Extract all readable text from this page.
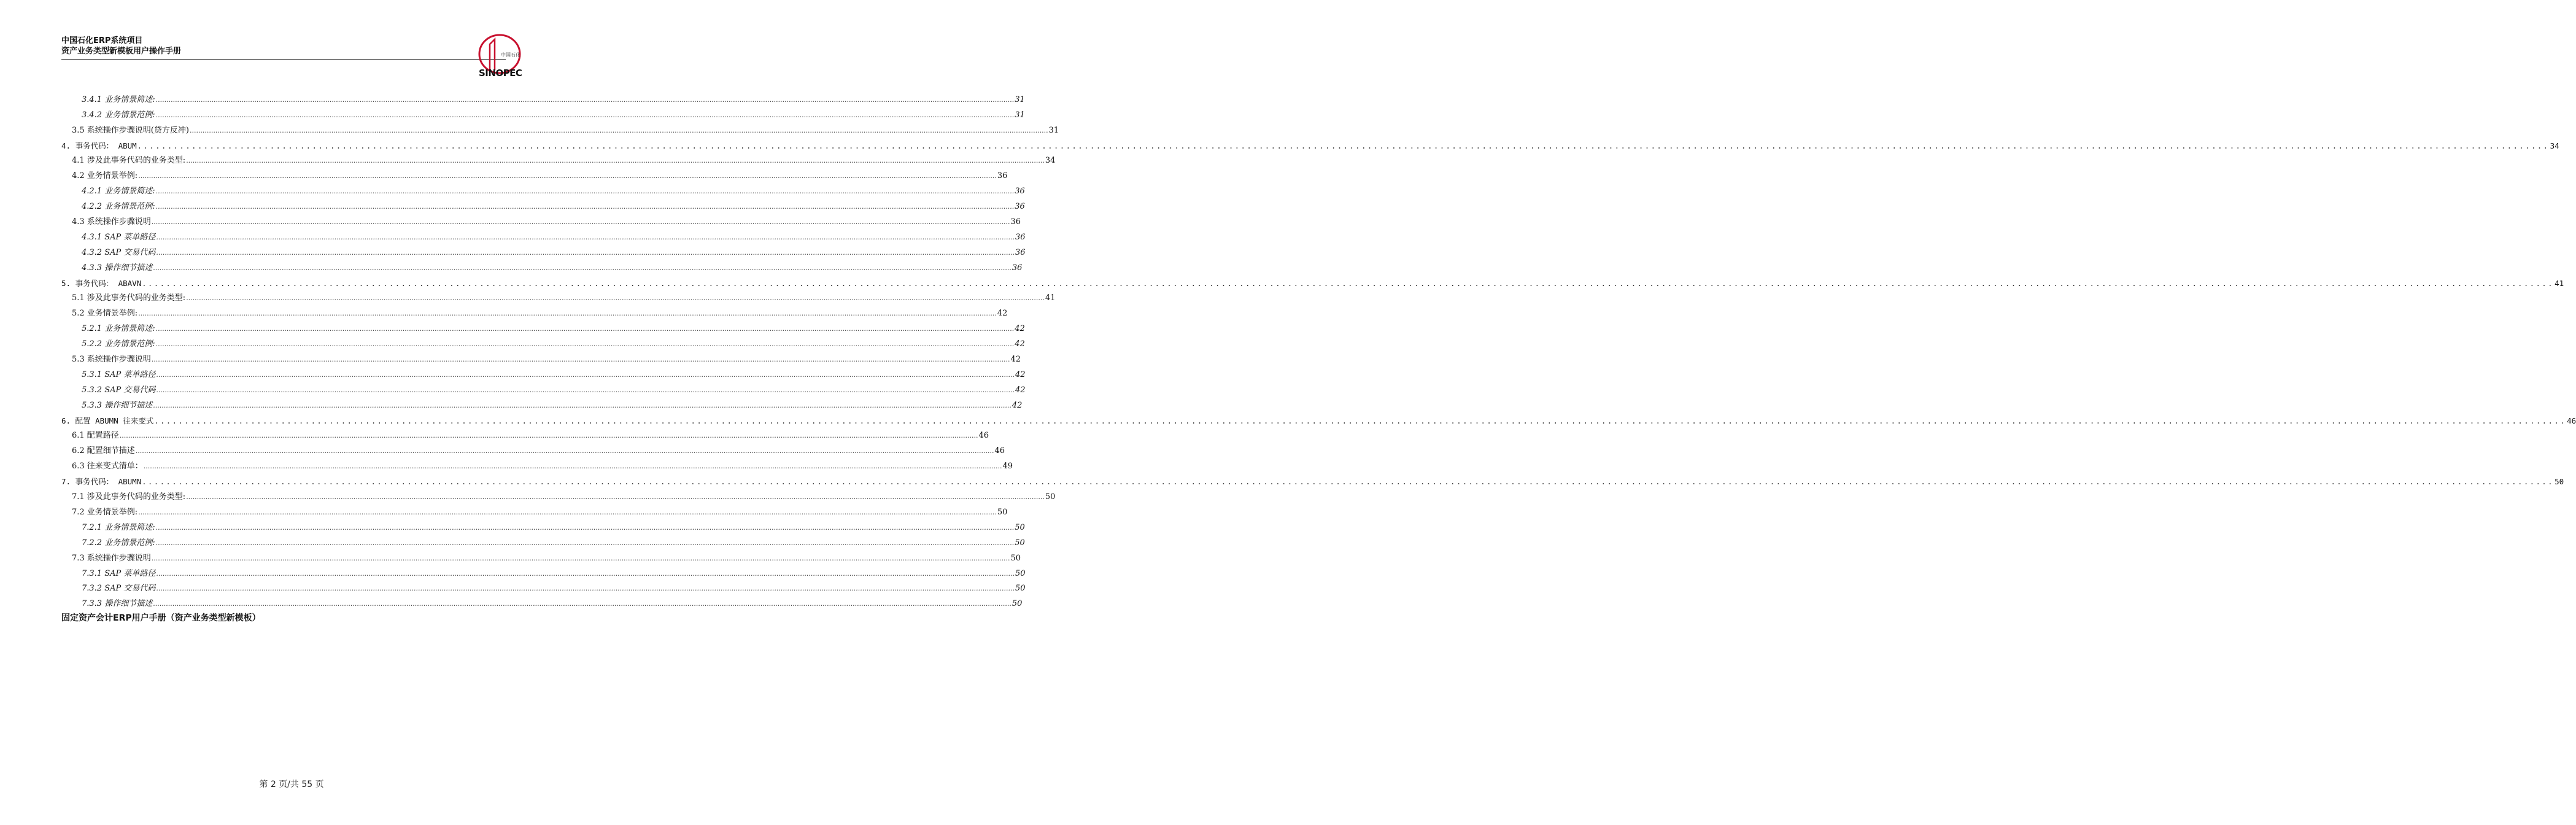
中国石化ERP系统项目
资产业务类型新模板用户操作手册	中国石化
SINOPEC
3.4.1 业务情景简述: ................................................................................................................................................................................................................................................................................................................................................................................................................ 31
3.4.2 业务情景范例: ................................................................................................................................................................................................................................................................................................................................................................................................................ 31
3.5 系统操作步骤说明(贷方反冲) ................................................................................................................................................................................................................................................................................................................................................................................................................ 31
4. 事务代码： ABUM ................................................................................................................................................................................................................................................................................................................................................................................................................ 34
4.1 涉及此事务代码的业务类型: ................................................................................................................................................................................................................................................................................................................................................................................................................ 34
4.2 业务情景举例: ................................................................................................................................................................................................................................................................................................................................................................................................................ 36
4.2.1 业务情景简述: ................................................................................................................................................................................................................................................................................................................................................................................................................ 36
4.2.2 业务情景范例: ................................................................................................................................................................................................................................................................................................................................................................................................................ 36
4.3 系统操作步骤说明 ................................................................................................................................................................................................................................................................................................................................................................................................................ 36
4.3.1 SAP 菜单路径 ................................................................................................................................................................................................................................................................................................................................................................................................................ 36
4.3.2 SAP 交易代码 ................................................................................................................................................................................................................................................................................................................................................................................................................ 36
4.3.3 操作细节描述 ................................................................................................................................................................................................................................................................................................................................................................................................................ 36
5. 事务代码： ABAVN ................................................................................................................................................................................................................................................................................................................................................................................................................ 41
5.1 涉及此事务代码的业务类型: ................................................................................................................................................................................................................................................................................................................................................................................................................ 41
5.2 业务情景举例: ................................................................................................................................................................................................................................................................................................................................................................................................................ 42
5.2.1 业务情景简述: ................................................................................................................................................................................................................................................................................................................................................................................................................ 42
5.2.2 业务情景范例: ................................................................................................................................................................................................................................................................................................................................................................................................................ 42
5.3 系统操作步骤说明 ................................................................................................................................................................................................................................................................................................................................................................................................................ 42
5.3.1 SAP 菜单路径 ................................................................................................................................................................................................................................................................................................................................................................................................................ 42
5.3.2 SAP 交易代码 ................................................................................................................................................................................................................................................................................................................................................................................................................ 42
5.3.3 操作细节描述 ................................................................................................................................................................................................................................................................................................................................................................................................................ 42
6. 配置 ABUMN 往来变式 ................................................................................................................................................................................................................................................................................................................................................................................................................ 46
6.1 配置路径 ................................................................................................................................................................................................................................................................................................................................................................................................................ 46
6.2 配置细节描述 ................................................................................................................................................................................................................................................................................................................................................................................................................ 46
6.3 往来变式清单： ................................................................................................................................................................................................................................................................................................................................................................................................................ 49
7. 事务代码： ABUMN ................................................................................................................................................................................................................................................................................................................................................................................................................ 50
7.1 涉及此事务代码的业务类型: ................................................................................................................................................................................................................................................................................................................................................................................................................ 50
7.2 业务情景举例: ................................................................................................................................................................................................................................................................................................................................................................................................................ 50
7.2.1 业务情景简述: ................................................................................................................................................................................................................................................................................................................................................................................................................ 50
7.2.2 业务情景范例: ................................................................................................................................................................................................................................................................................................................................................................................................................ 50
7.3 系统操作步骤说明 ................................................................................................................................................................................................................................................................................................................................................................................................................ 50
7.3.1 SAP 菜单路径 ................................................................................................................................................................................................................................................................................................................................................................................................................ 50
7.3.2 SAP 交易代码 ................................................................................................................................................................................................................................................................................................................................................................................................................ 50
7.3.3 操作细节描述 ................................................................................................................................................................................................................................................................................................................................................................................................................ 50
固定资产会计ERP用户手册（资产业务类型新模板）
第 2 页/共 55 页
